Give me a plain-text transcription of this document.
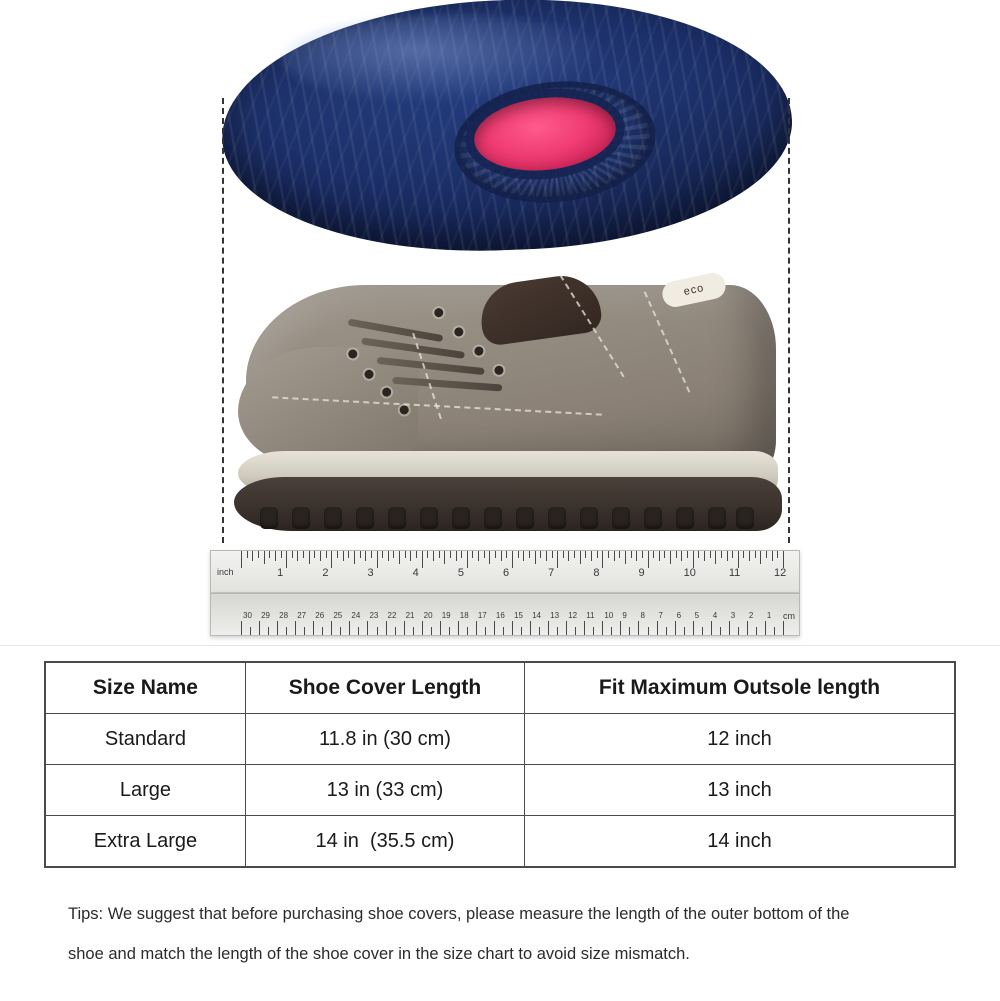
eco
1	2	3	4	5	6	7	8	9	10	11	12
30 29 28 27 26 25 24 23 22 21 20 19 18 17 16 15 14 13 12 11 10 9 8 7 6 5 4 3 2 1
inch
cm
Size Name	Shoe Cover Length	Fit Maximum Outsole length
Standard	11.8 in (30 cm)	12 inch
Large	13 in (33 cm)	13 inch
Extra Large	14 in  (35.5 cm)	14 inch
Tips: We suggest that before purchasing shoe covers, please measure the length of the outer bottom of the
shoe and match the length of the shoe cover in the size chart to avoid size mismatch.
